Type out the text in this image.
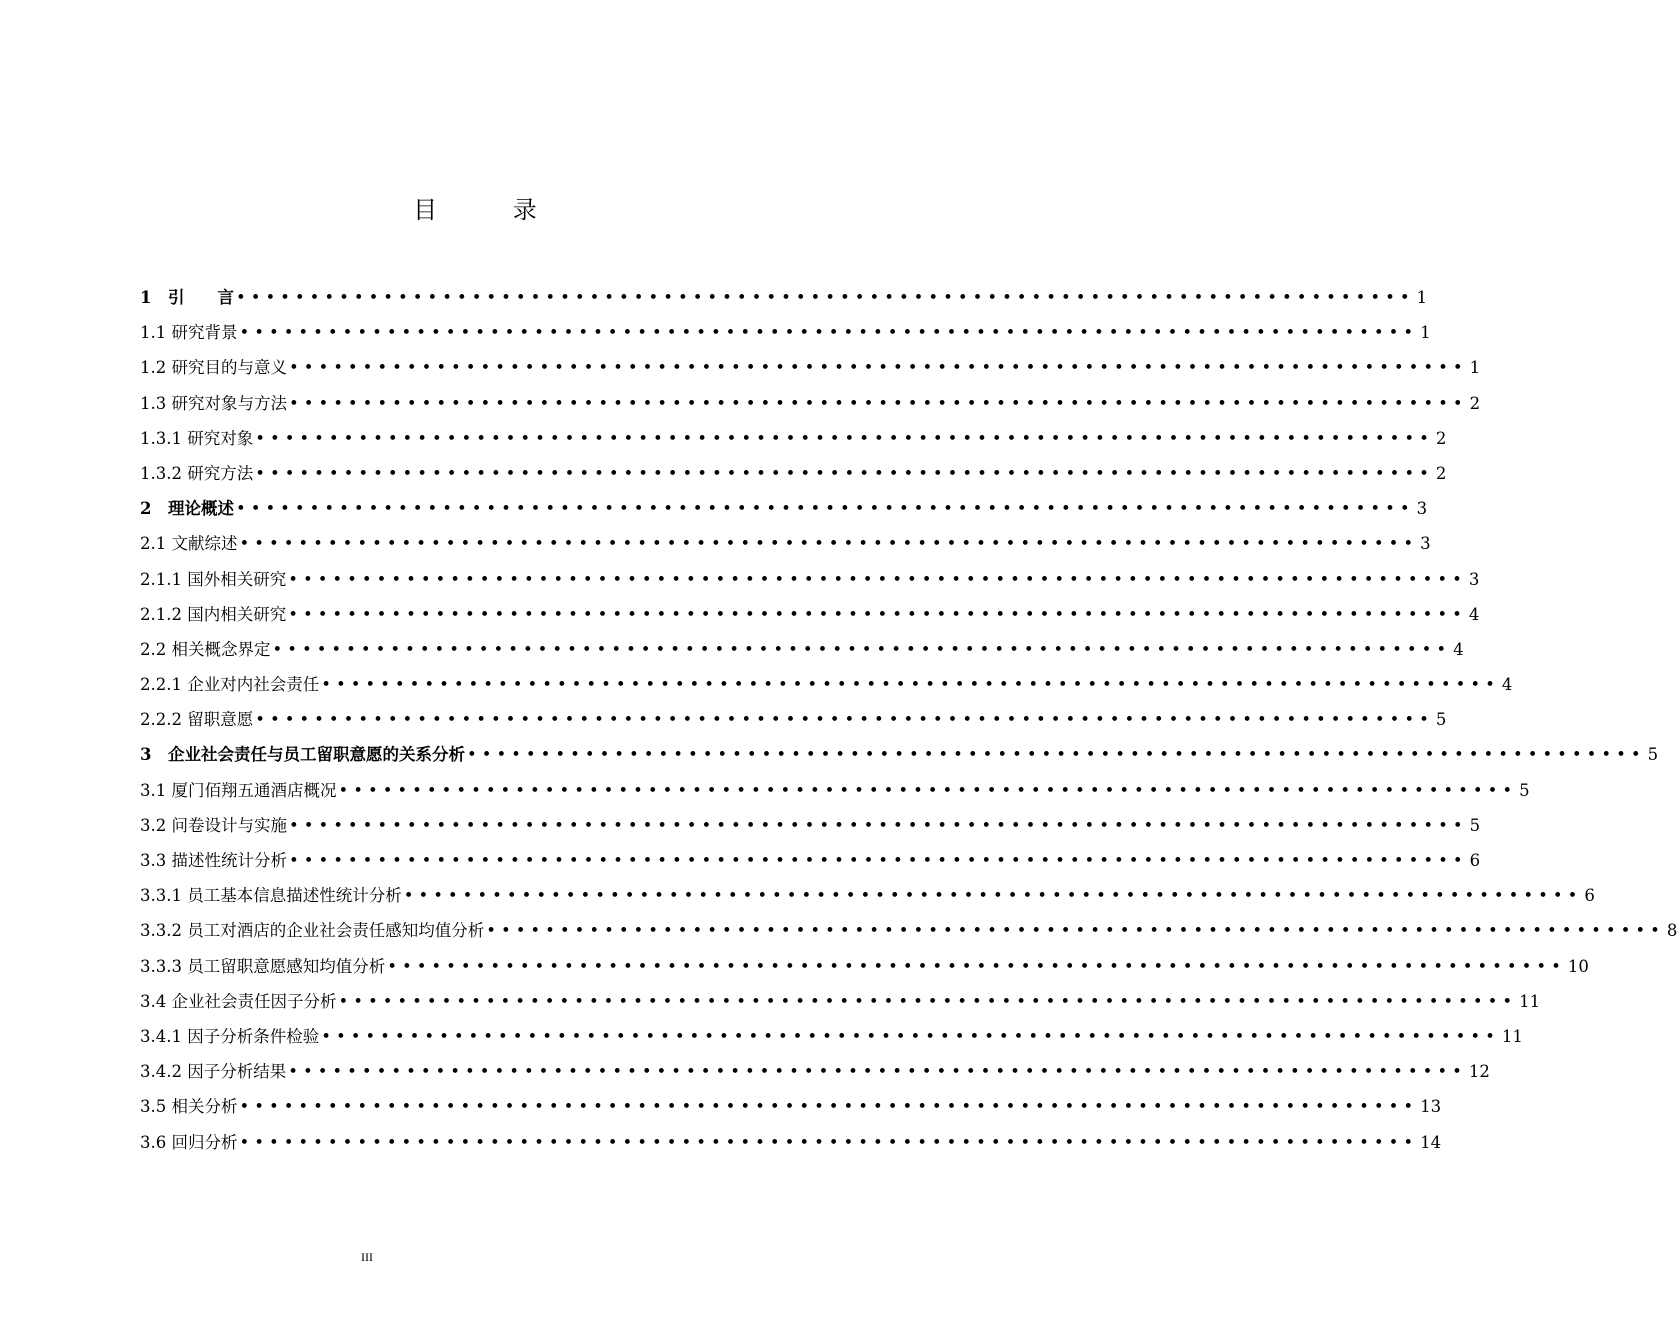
目 录
1　引　　言 •••••••••••••••••••••••••••••••••••••••••••••••••••••••••••••••••••••••••••••••• 1
1.1 研究背景 •••••••••••••••••••••••••••••••••••••••••••••••••••••••••••••••••••••••••••••••• 1
1.2 研究目的与意义 •••••••••••••••••••••••••••••••••••••••••••••••••••••••••••••••••••••••••••••••• 1
1.3 研究对象与方法 •••••••••••••••••••••••••••••••••••••••••••••••••••••••••••••••••••••••••••••••• 2
1.3.1 研究对象 •••••••••••••••••••••••••••••••••••••••••••••••••••••••••••••••••••••••••••••••• 2
1.3.2 研究方法 •••••••••••••••••••••••••••••••••••••••••••••••••••••••••••••••••••••••••••••••• 2
2　理论概述 •••••••••••••••••••••••••••••••••••••••••••••••••••••••••••••••••••••••••••••••• 3
2.1 文献综述 •••••••••••••••••••••••••••••••••••••••••••••••••••••••••••••••••••••••••••••••• 3
2.1.1 国外相关研究 •••••••••••••••••••••••••••••••••••••••••••••••••••••••••••••••••••••••••••••••• 3
2.1.2 国内相关研究 •••••••••••••••••••••••••••••••••••••••••••••••••••••••••••••••••••••••••••••••• 4
2.2 相关概念界定 •••••••••••••••••••••••••••••••••••••••••••••••••••••••••••••••••••••••••••••••• 4
2.2.1 企业对内社会责任 •••••••••••••••••••••••••••••••••••••••••••••••••••••••••••••••••••••••••••••••• 4
2.2.2 留职意愿 •••••••••••••••••••••••••••••••••••••••••••••••••••••••••••••••••••••••••••••••• 5
3　企业社会责任与员工留职意愿的关系分析 •••••••••••••••••••••••••••••••••••••••••••••••••••••••••••••••••••••••••••••••• 5
3.1 厦门佰翔五通酒店概况 •••••••••••••••••••••••••••••••••••••••••••••••••••••••••••••••••••••••••••••••• 5
3.2 问卷设计与实施 •••••••••••••••••••••••••••••••••••••••••••••••••••••••••••••••••••••••••••••••• 5
3.3 描述性统计分析 •••••••••••••••••••••••••••••••••••••••••••••••••••••••••••••••••••••••••••••••• 6
3.3.1 员工基本信息描述性统计分析 •••••••••••••••••••••••••••••••••••••••••••••••••••••••••••••••••••••••••••••••• 6
3.3.2 员工对酒店的企业社会责任感知均值分析 •••••••••••••••••••••••••••••••••••••••••••••••••••••••••••••••••••••••••••••••• 8
3.3.3 员工留职意愿感知均值分析 •••••••••••••••••••••••••••••••••••••••••••••••••••••••••••••••••••••••••••••••• 10
3.4 企业社会责任因子分析 •••••••••••••••••••••••••••••••••••••••••••••••••••••••••••••••••••••••••••••••• 11
3.4.1 因子分析条件检验 •••••••••••••••••••••••••••••••••••••••••••••••••••••••••••••••••••••••••••••••• 11
3.4.2 因子分析结果 •••••••••••••••••••••••••••••••••••••••••••••••••••••••••••••••••••••••••••••••• 12
3.5 相关分析 •••••••••••••••••••••••••••••••••••••••••••••••••••••••••••••••••••••••••••••••• 13
3.6 回归分析 •••••••••••••••••••••••••••••••••••••••••••••••••••••••••••••••••••••••••••••••• 14
III
